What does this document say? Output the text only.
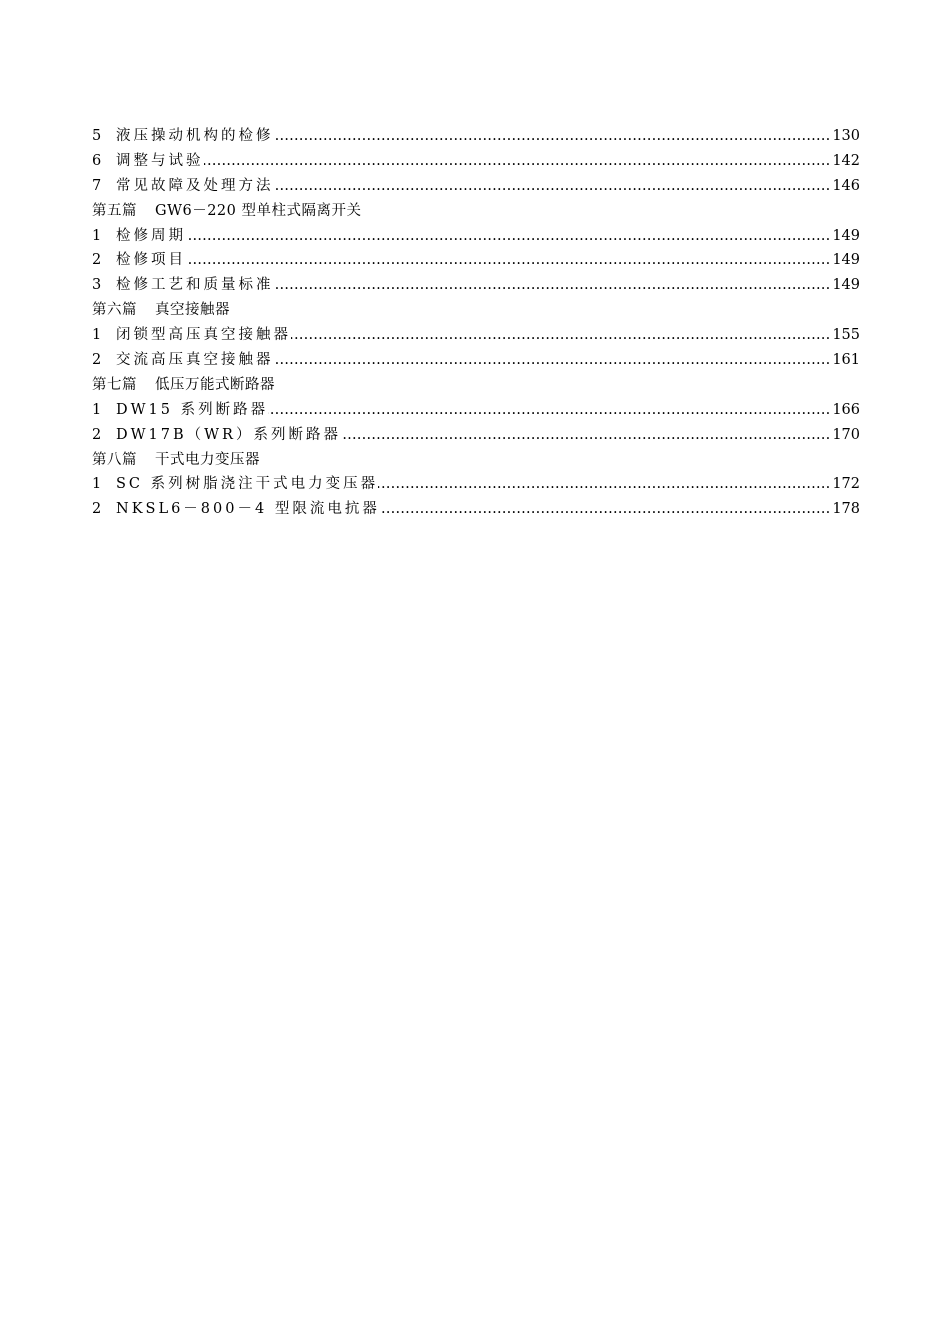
5	液压操动机构的检修 …………………………………………………………………………………………………………………………………………………………	130
6	调整与试验 …………………………………………………………………………………………………………………………………………………………	142
7	常见故障及处理方法 …………………………………………………………………………………………………………………………………………………………	146
第五篇 GW6－220 型单柱式隔离开关
1	检修周期 …………………………………………………………………………………………………………………………………………………………	149
2	检修项目 …………………………………………………………………………………………………………………………………………………………	149
3	检修工艺和质量标准 …………………………………………………………………………………………………………………………………………………………	149
第六篇 真空接触器
1	闭锁型高压真空接触器 …………………………………………………………………………………………………………………………………………………………	155
2	交流高压真空接触器 …………………………………………………………………………………………………………………………………………………………	161
第七篇 低压万能式断路器
1	DW15 系列断路器 …………………………………………………………………………………………………………………………………………………………	166
2	DW17B（WR）系列断路器 …………………………………………………………………………………………………………………………………………………………	170
第八篇 干式电力变压器
1	SC 系列树脂浇注干式电力变压器 …………………………………………………………………………………………………………………………………………………………	172
2	NKSL6－800－4 型限流电抗器 …………………………………………………………………………………………………………………………………………………………	178
